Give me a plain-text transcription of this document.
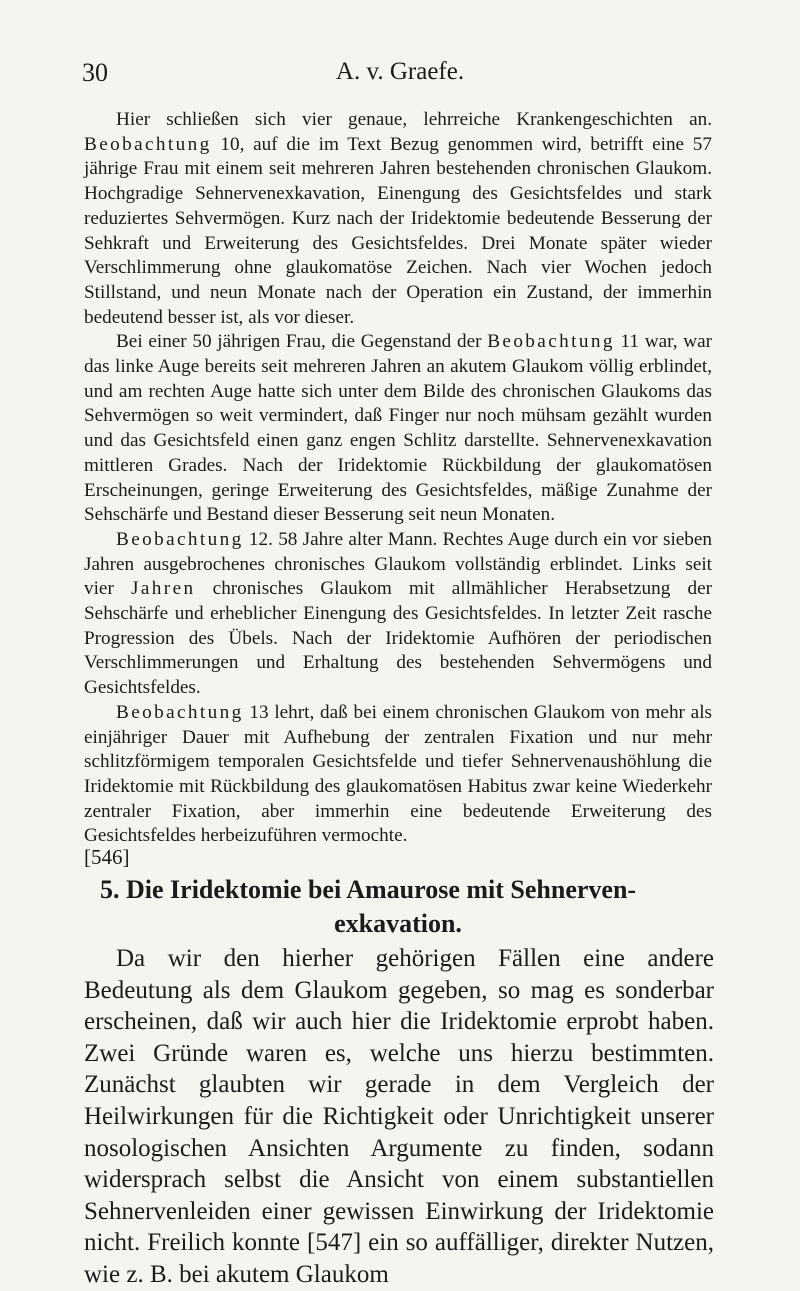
30	A. v. Graefe.

Hier schließen sich vier genaue, lehrreiche Krankengeschichten an. Beobachtung 10, auf die im Text Bezug genommen wird, betrifft eine 57 jährige Frau mit einem seit mehreren Jahren bestehenden chronischen Glaukom. Hochgradige Sehnervenexkavation, Einengung des Gesichtsfeldes und stark reduziertes Sehvermögen. Kurz nach der Iridektomie bedeutende Besserung der Sehkraft und Erweiterung des Gesichtsfeldes. Drei Monate später wieder Verschlimmerung ohne glaukomatöse Zeichen. Nach vier Wochen jedoch Stillstand, und neun Monate nach der Operation ein Zustand, der immerhin bedeutend besser ist, als vor dieser.

Bei einer 50 jährigen Frau, die Gegenstand der Beobachtung 11 war, war das linke Auge bereits seit mehreren Jahren an akutem Glaukom völlig erblindet, und am rechten Auge hatte sich unter dem Bilde des chronischen Glaukoms das Sehvermögen so weit vermindert, daß Finger nur noch mühsam gezählt wurden und das Gesichtsfeld einen ganz engen Schlitz darstellte. Sehnervenexkavation mittleren Grades. Nach der Iridektomie Rückbildung der glaukomatösen Erscheinungen, geringe Erweiterung des Gesichtsfeldes, mäßige Zunahme der Sehschärfe und Bestand dieser Besserung seit neun Monaten.

Beobachtung 12. 58 Jahre alter Mann. Rechtes Auge durch ein vor sieben Jahren ausgebrochenes chronisches Glaukom vollständig erblindet. Links seit vier Jahren chronisches Glaukom mit allmählicher Herabsetzung der Sehschärfe und erheblicher Einengung des Gesichtsfeldes. In letzter Zeit rasche Progression des Übels. Nach der Iridektomie Aufhören der periodischen Verschlimmerungen und Erhaltung des bestehenden Sehvermögens und Gesichtsfeldes.

Beobachtung 13 lehrt, daß bei einem chronischen Glaukom von mehr als einjähriger Dauer mit Aufhebung der zentralen Fixation und nur mehr schlitzförmigem temporalen Gesichtsfelde und tiefer Sehnervenaushöhlung die Iridektomie mit Rückbildung des glaukomatösen Habitus zwar keine Wiederkehr zentraler Fixation, aber immerhin eine bedeutende Erweiterung des Gesichtsfeldes herbeizuführen vermochte.

[546]
5. Die Iridektomie bei Amaurose mit Sehnerven-
exkavation.

Da wir den hierher gehörigen Fällen eine andere Bedeutung als dem Glaukom gegeben, so mag es sonderbar erscheinen, daß wir auch hier die Iridektomie erprobt haben. Zwei Gründe waren es, welche uns hierzu bestimmten. Zunächst glaubten wir gerade in dem Vergleich der Heilwirkungen für die Richtigkeit oder Unrichtigkeit unserer nosologischen Ansichten Argumente zu finden, sodann widersprach selbst die Ansicht von einem substantiellen Sehnervenleiden einer gewissen Einwirkung der Iridektomie nicht. Freilich konnte [547] ein so auffälliger, direkter Nutzen, wie z. B. bei akutem Glaukom
